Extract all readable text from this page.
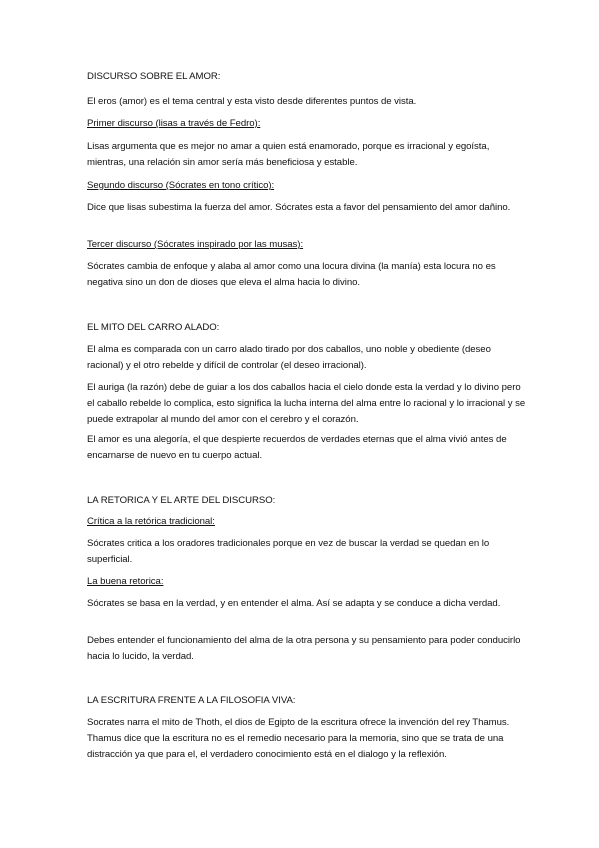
DISCURSO SOBRE EL AMOR:

El eros (amor) es el tema central y esta visto desde diferentes puntos de vista.

Primer discurso (lisas a través de Fedro):

Lisas argumenta que es mejor no amar a quien está enamorado, porque es irracional y egoísta, mientras, una relación sin amor sería más beneficiosa y estable.

Segundo discurso (Sócrates en tono crítico):

Dice que lisas subestima la fuerza del amor. Sócrates esta a favor del pensamiento del amor dañino.

Tercer discurso (Sócrates inspirado por las musas):

Sócrates cambia de enfoque y alaba al amor como una locura divina (la manía) esta locura no es negativa sino un don de dioses que eleva el alma hacia lo divino.

EL MITO DEL CARRO ALADO:

El alma es comparada con un carro alado tirado por dos caballos, uno noble y obediente (deseo racional) y el otro rebelde y difícil de controlar (el deseo irracional).

El auriga (la razón) debe de guiar a los dos caballos hacia el cielo donde esta la verdad y lo divino pero el caballo rebelde lo complica, esto significa la lucha interna del alma entre lo racional y lo irracional y se puede extrapolar al mundo del amor con el cerebro y el corazón.

El amor es una alegoría, el que despierte recuerdos de verdades eternas que el alma vivió antes de encarnarse de nuevo en tu cuerpo actual.

LA RETORICA Y EL ARTE DEL DISCURSO:

Crítica a la retórica tradicional:

Sócrates critica a los oradores tradicionales porque en vez de buscar la verdad se quedan en lo superficial.

La buena retorica:

Sócrates se basa en la verdad, y en entender el alma. Así se adapta y se conduce a dicha verdad.

Debes entender el funcionamiento del alma de la otra persona y su pensamiento para poder conducirlo hacia lo lucido, la verdad.

LA ESCRITURA FRENTE A LA FILOSOFIA VIVA:

Socrates narra el mito de Thoth, el dios de Egipto de la escritura ofrece la invención del rey Thamus. Thamus dice que la escritura no es el remedio necesario para la memoria, sino que se trata de una distracción ya que para el, el verdadero conocimiento está en el dialogo y la reflexión.
